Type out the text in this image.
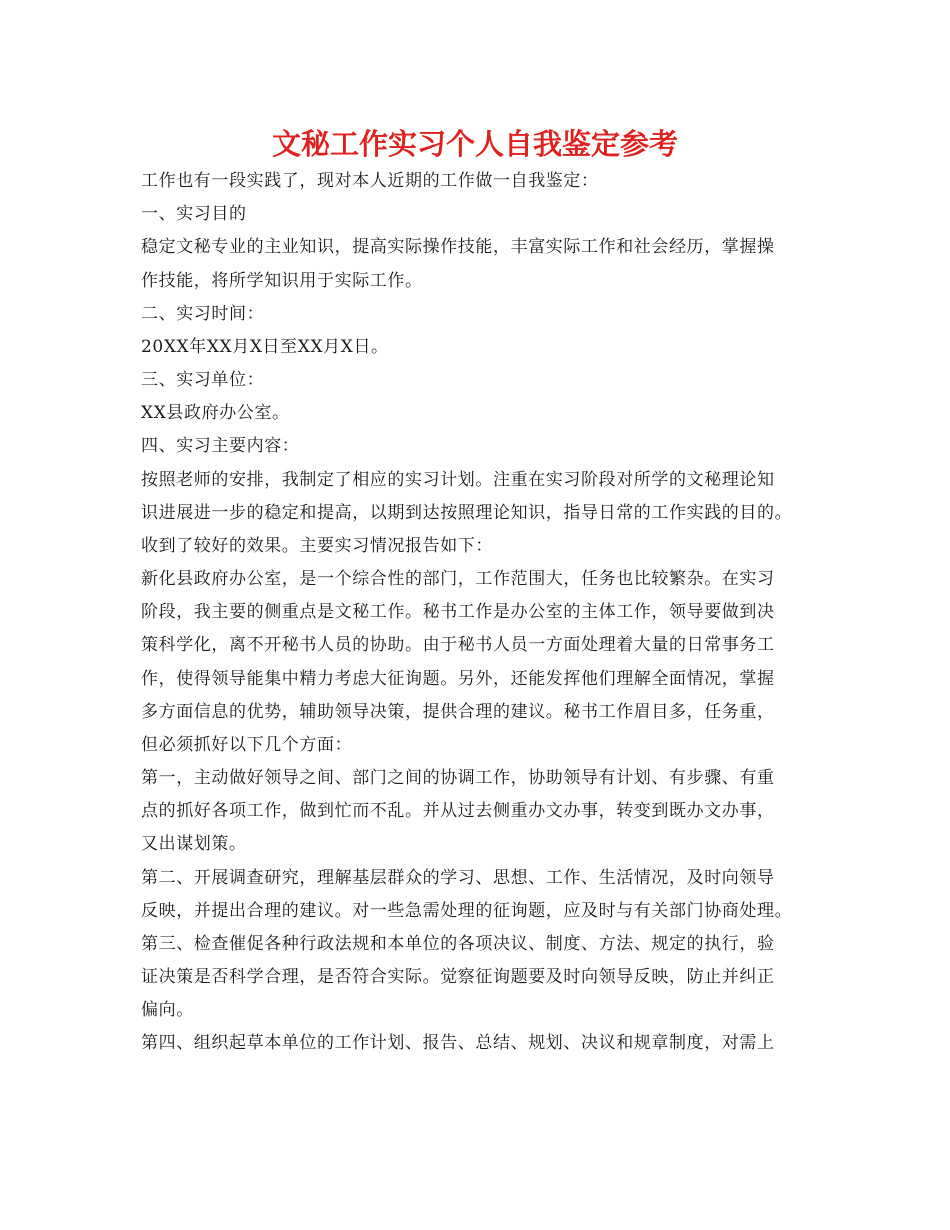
文秘工作实习个人自我鉴定参考

工作也有一段实践了，现对本人近期的工作做一自我鉴定：

一、实习目的

稳定文秘专业的主业知识，提高实际操作技能，丰富实际工作和社会经历，掌握操

作技能，将所学知识用于实际工作。

二、实习时间：

20XX年XX月X日至XX月X日。

三、实习单位：

XX县政府办公室。

四、实习主要内容：

按照老师的安排，我制定了相应的实习计划。注重在实习阶段对所学的文秘理论知

识进展进一步的稳定和提高，以期到达按照理论知识，指导日常的工作实践的目的。

收到了较好的效果。主要实习情况报告如下：

新化县政府办公室，是一个综合性的部门，工作范围大，任务也比较繁杂。在实习

阶段，我主要的侧重点是文秘工作。秘书工作是办公室的主体工作，领导要做到决

策科学化，离不开秘书人员的协助。由于秘书人员一方面处理着大量的日常事务工

作，使得领导能集中精力考虑大征询题。另外，还能发挥他们理解全面情况，掌握

多方面信息的优势，辅助领导决策，提供合理的建议。秘书工作眉目多，任务重，

但必须抓好以下几个方面：

第一，主动做好领导之间、部门之间的协调工作，协助领导有计划、有步骤、有重

点的抓好各项工作，做到忙而不乱。并从过去侧重办文办事，转变到既办文办事，

又出谋划策。

第二、开展调查研究，理解基层群众的学习、思想、工作、生活情况，及时向领导

反映，并提出合理的建议。对一些急需处理的征询题，应及时与有关部门协商处理。

第三、检查催促各种行政法规和本单位的各项决议、制度、方法、规定的执行，验

证决策是否科学合理，是否符合实际。觉察征询题要及时向领导反映，防止并纠正

偏向。

第四、组织起草本单位的工作计划、报告、总结、规划、决议和规章制度，对需上
